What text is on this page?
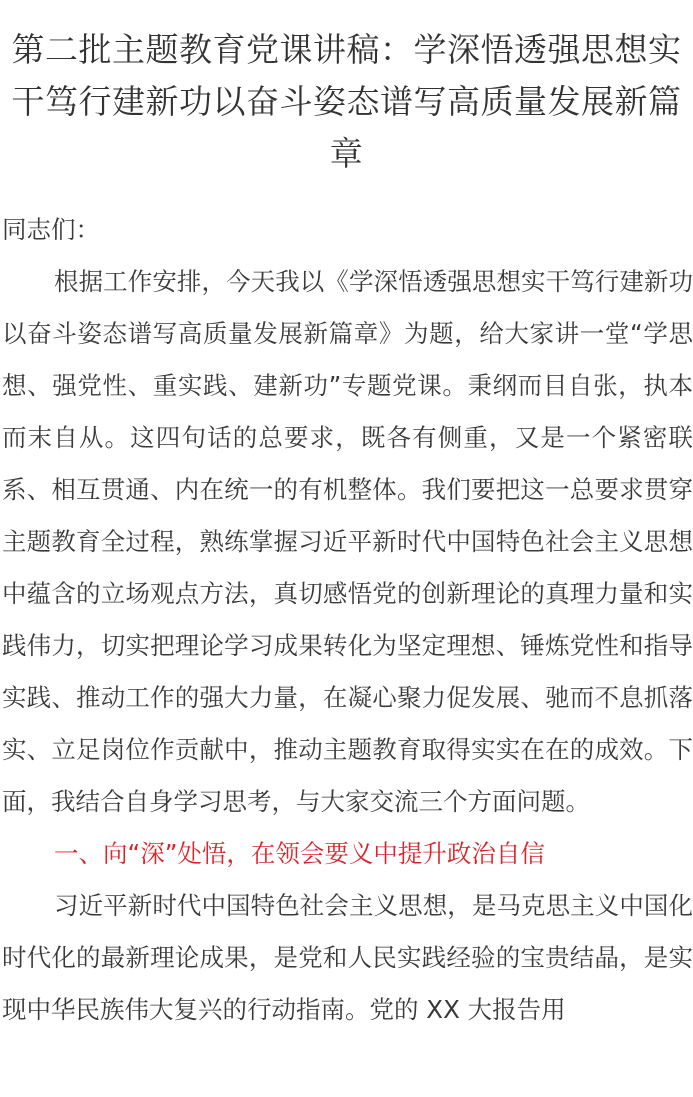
第二批主题教育党课讲稿：学深悟透强思想实干笃行建新功以奋斗姿态谱写高质量发展新篇章

同志们：

根据工作安排，今天我以《学深悟透强思想实干笃行建新功以奋斗姿态谱写高质量发展新篇章》为题，给大家讲一堂“学思想、强党性、重实践、建新功”专题党课。秉纲而目自张，执本而末自从。这四句话的总要求，既各有侧重，又是一个紧密联系、相互贯通、内在统一的有机整体。我们要把这一总要求贯穿主题教育全过程，熟练掌握习近平新时代中国特色社会主义思想中蕴含的立场观点方法，真切感悟党的创新理论的真理力量和实践伟力，切实把理论学习成果转化为坚定理想、锤炼党性和指导实践、推动工作的强大力量，在凝心聚力促发展、驰而不息抓落实、立足岗位作贡献中，推动主题教育取得实实在在的成效。下面，我结合自身学习思考，与大家交流三个方面问题。

一、向“深”处悟，在领会要义中提升政治自信

习近平新时代中国特色社会主义思想，是马克思主义中国化时代化的最新理论成果，是党和人民实践经验的宝贵结晶，是实现中华民族伟大复兴的行动指南。党的 XX 大报告用
